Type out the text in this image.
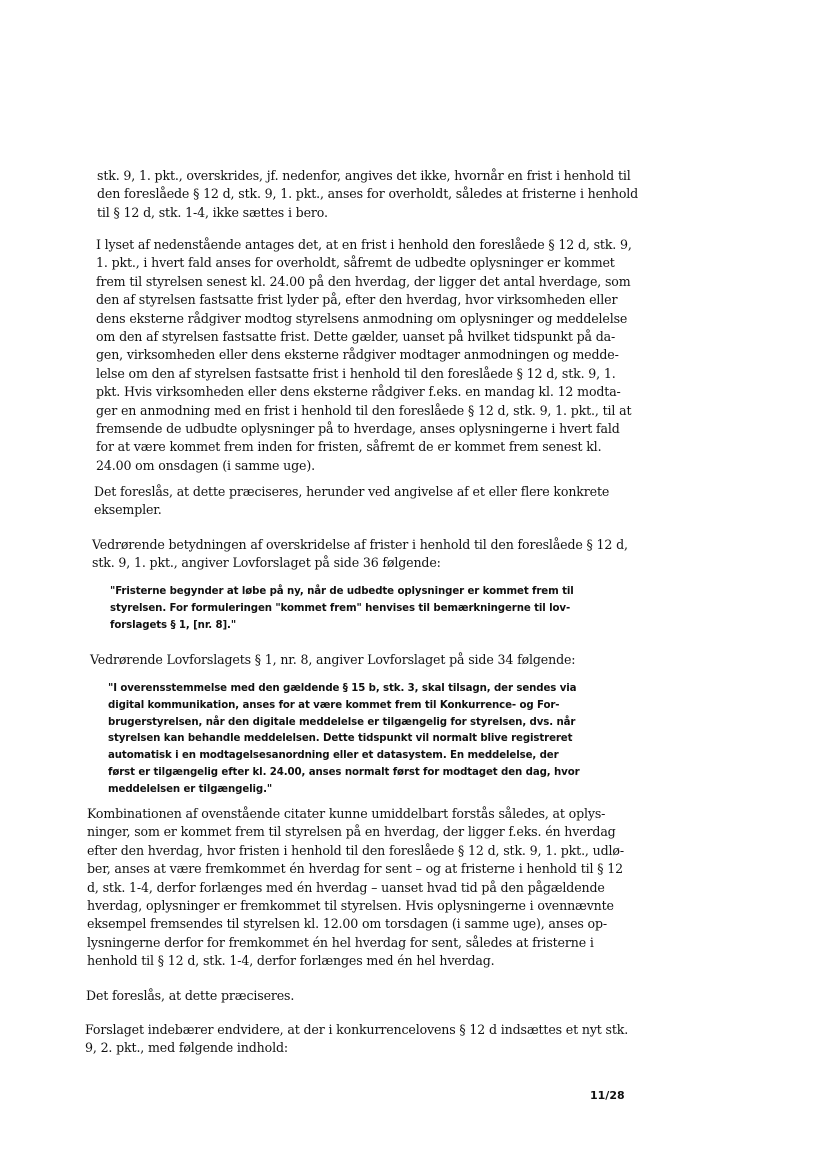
stk. 9, 1. pkt., overskrides, jf. nedenfor, angives det ikke, hvornår en frist i henhold til
den foreslåede § 12 d, stk. 9, 1. pkt., anses for overholdt, således at fristerne i henhold
til § 12 d, stk. 1-4, ikke sættes i bero.

I lyset af nedenstående antages det, at en frist i henhold den foreslåede § 12 d, stk. 9,
1. pkt., i hvert fald anses for overholdt, såfremt de udbedte oplysninger er kommet
frem til styrelsen senest kl. 24.00 på den hverdag, der ligger det antal hverdage, som
den af styrelsen fastsatte frist lyder på, efter den hverdag, hvor virksomheden eller
dens eksterne rådgiver modtog styrelsens anmodning om oplysninger og meddelelse
om den af styrelsen fastsatte frist. Dette gælder, uanset på hvilket tidspunkt på da-
gen, virksomheden eller dens eksterne rådgiver modtager anmodningen og medde-
lelse om den af styrelsen fastsatte frist i henhold til den foreslåede § 12 d, stk. 9, 1.
pkt. Hvis virksomheden eller dens eksterne rådgiver f.eks. en mandag kl. 12 modta-
ger en anmodning med en frist i henhold til den foreslåede § 12 d, stk. 9, 1. pkt., til at
fremsende de udbudte oplysninger på to hverdage, anses oplysningerne i hvert fald
for at være kommet frem inden for fristen, såfremt de er kommet frem senest kl.
24.00 om onsdagen (i samme uge).

Det foreslås, at dette præciseres, herunder ved angivelse af et eller flere konkrete
eksempler.

Vedrørende betydningen af overskridelse af frister i henhold til den foreslåede § 12 d,
stk. 9, 1. pkt., angiver Lovforslaget på side 36 følgende:

"Fristerne begynder at løbe på ny, når de udbedte oplysninger er kommet frem til
styrelsen. For formuleringen "kommet frem" henvises til bemærkningerne til lov-
forslagets § 1, [nr. 8]."

Vedrørende Lovforslagets § 1, nr. 8, angiver Lovforslaget på side 34 følgende:

"I overensstemmelse med den gældende § 15 b, stk. 3, skal tilsagn, der sendes via
digital kommunikation, anses for at være kommet frem til Konkurrence- og For-
brugerstyrelsen, når den digitale meddelelse er tilgængelig for styrelsen, dvs. når
styrelsen kan behandle meddelelsen. Dette tidspunkt vil normalt blive registreret
automatisk i en modtagelsesanordning eller et datasystem. En meddelelse, der
først er tilgængelig efter kl. 24.00, anses normalt først for modtaget den dag, hvor
meddelelsen er tilgængelig."

Kombinationen af ovenstående citater kunne umiddelbart forstås således, at oplys-
ninger, som er kommet frem til styrelsen på en hverdag, der ligger f.eks. én hverdag
efter den hverdag, hvor fristen i henhold til den foreslåede § 12 d, stk. 9, 1. pkt., udlø-
ber, anses at være fremkommet én hverdag for sent – og at fristerne i henhold til § 12
d, stk. 1-4, derfor forlænges med én hverdag – uanset hvad tid på den pågældende
hverdag, oplysninger er fremkommet til styrelsen. Hvis oplysningerne i ovennævnte
eksempel fremsendes til styrelsen kl. 12.00 om torsdagen (i samme uge), anses op-
lysningerne derfor for fremkommet én hel hverdag for sent, således at fristerne i
henhold til § 12 d, stk. 1-4, derfor forlænges med én hel hverdag.

Det foreslås, at dette præciseres.

Forslaget indebærer endvidere, at der i konkurrencelovens § 12 d indsættes et nyt stk.
9, 2. pkt., med følgende indhold:

11/28
